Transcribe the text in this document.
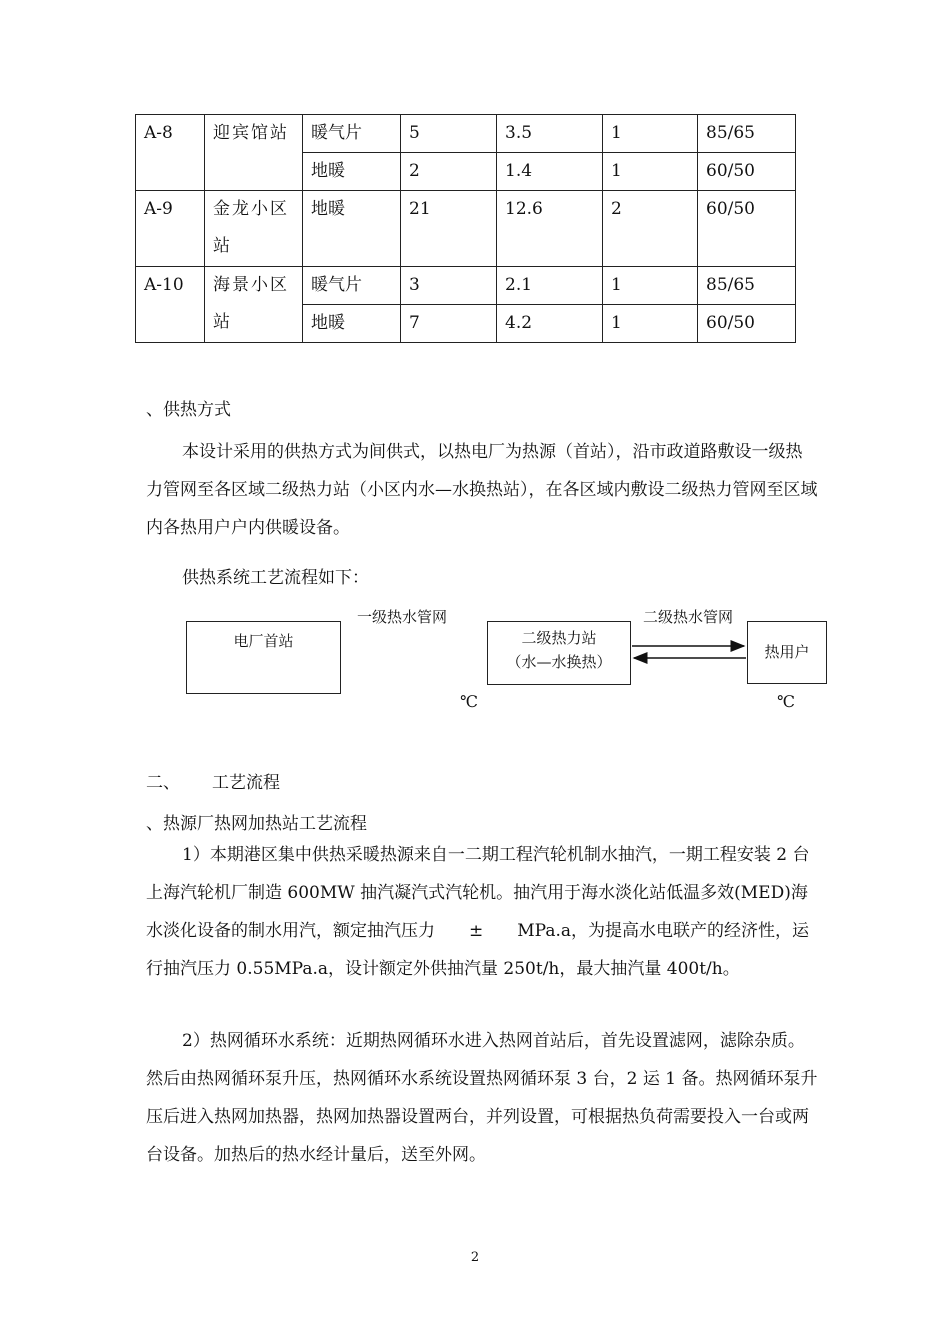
A-8	迎宾馆站	暖气片	5	3.5	1	85/65
		地暖	2	1.4	1	60/50
A-9	金龙小区站	地暖	21	12.6	2	60/50
A-10	海景小区站	暖气片	3	2.1	1	85/65
		地暖	7	4.2	1	60/50
、供热方式
本设计采用的供热方式为间供式，以热电厂为热源（首站），沿市政道路敷设一级热力管网至各区域二级热力站（小区内水—水换热站），在各区域内敷设二级热力管网至区域内各热用户户内供暖设备。
供热系统工艺流程如下：
电厂首站
一级热水管网
二级热力站
（水—水换热）
二级热水管网
热用户
℃	℃
二、 工艺流程
、热源厂热网加热站工艺流程
1）本期港区集中供热采暖热源来自一二期工程汽轮机制水抽汽，一期工程安装 2 台上海汽轮机厂制造 600MW 抽汽凝汽式汽轮机。抽汽用于海水淡化站低温多效(MED)海水淡化设备的制水用汽，额定抽汽压力　　±　　MPa.a，为提高水电联产的经济性，运行抽汽压力 0.55MPa.a，设计额定外供抽汽量 250t/h，最大抽汽量 400t/h。
2）热网循环水系统：近期热网循环水进入热网首站后，首先设置滤网，滤除杂质。然后由热网循环泵升压，热网循环水系统设置热网循环泵 3 台，2 运 1 备。热网循环泵升压后进入热网加热器，热网加热器设置两台，并列设置，可根据热负荷需要投入一台或两台设备。加热后的热水经计量后，送至外网。
2
